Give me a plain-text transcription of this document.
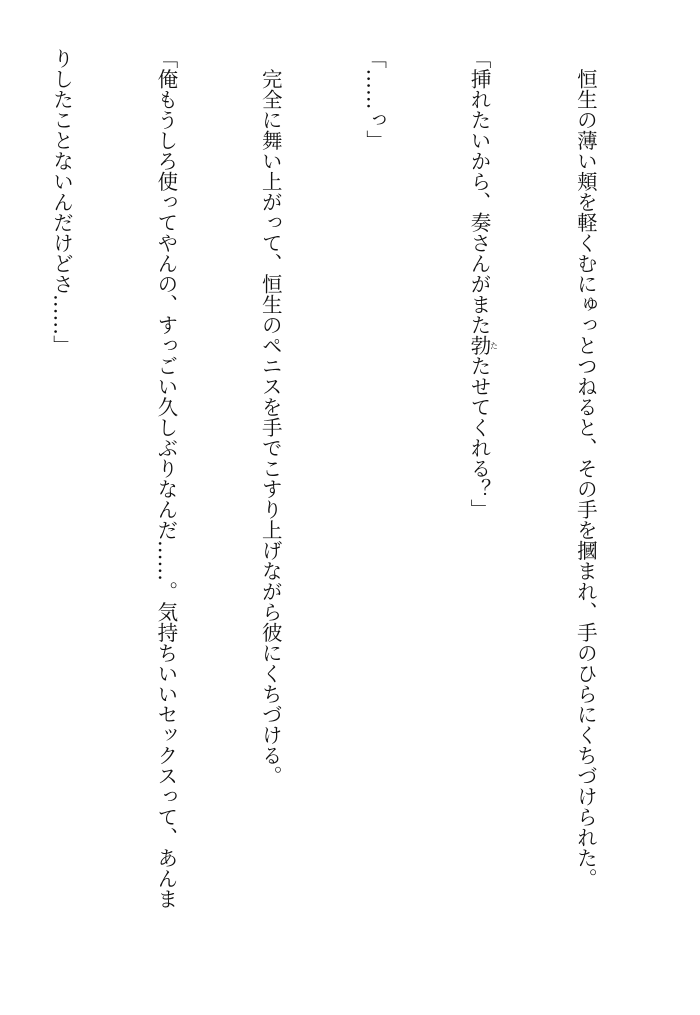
　恒生の薄い頬を軽くむにゅっとつねると、その手を摑まれ、手のひらにくちづけられた。

「挿れたいから、奏さんがまた勃たたせてくれる？」

「……っ」

　完全に舞い上がって、恒生のペニスを手でこすり上げながら彼にくちづける。

「俺もうしろ使ってやんの、すっごい久しぶりなんだ……。気持ちいいセックスって、あんま

りしたことないんだけどさ……」
